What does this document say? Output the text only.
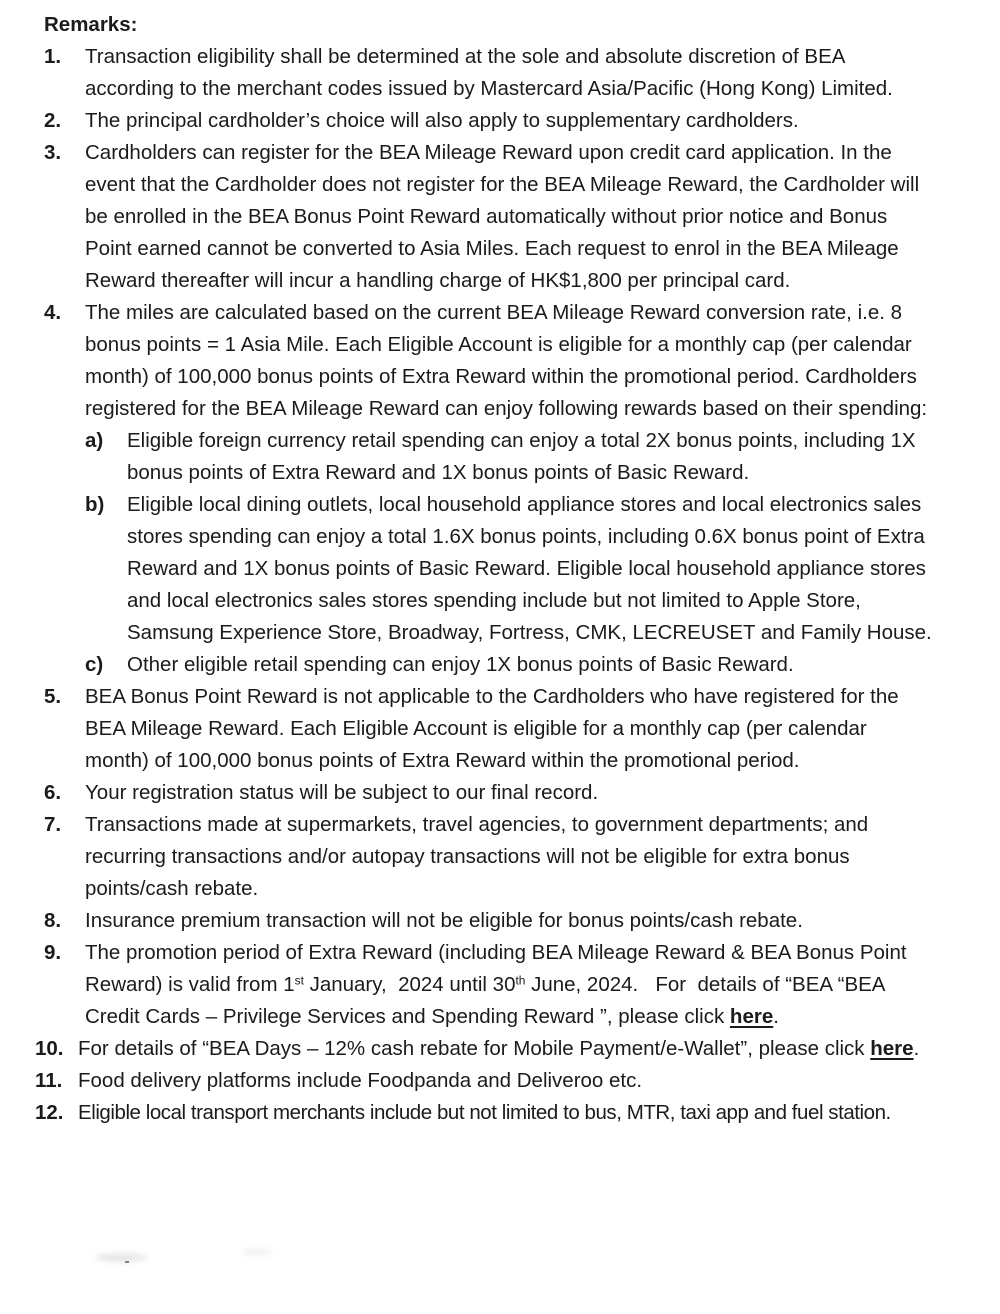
Remarks:
1.	Transaction eligibility shall be determined at the sole and absolute discretion of BEA according to the merchant codes issued by Mastercard Asia/Pacific (Hong Kong) Limited.
2.	The principal cardholder’s choice will also apply to supplementary cardholders.
3.	Cardholders can register for the BEA Mileage Reward upon credit card application. In the event that the Cardholder does not register for the BEA Mileage Reward, the Cardholder will be enrolled in the BEA Bonus Point Reward automatically without prior notice and Bonus Point earned cannot be converted to Asia Miles. Each request to enrol in the BEA Mileage Reward thereafter will incur a handling charge of HK$1,800 per principal card.
4.	The miles are calculated based on the current BEA Mileage Reward conversion rate, i.e. 8 bonus points = 1 Asia Mile. Each Eligible Account is eligible for a monthly cap (per calendar month) of 100,000 bonus points of Extra Reward within the promotional period. Cardholders registered for the BEA Mileage Reward can enjoy following rewards based on their spending:
a)	Eligible foreign currency retail spending can enjoy a total 2X bonus points, including 1X bonus points of Extra Reward and 1X bonus points of Basic Reward.
b)	Eligible local dining outlets, local household appliance stores and local electronics sales stores spending can enjoy a total 1.6X bonus points, including 0.6X bonus point of Extra Reward and 1X bonus points of Basic Reward. Eligible local household appliance stores and local electronics sales stores spending include but not limited to Apple Store, Samsung Experience Store, Broadway, Fortress, CMK, LECREUSET and Family House.
c)	Other eligible retail spending can enjoy 1X bonus points of Basic Reward.
5.	BEA Bonus Point Reward is not applicable to the Cardholders who have registered for the BEA Mileage Reward. Each Eligible Account is eligible for a monthly cap (per calendar month) of 100,000 bonus points of Extra Reward within the promotional period.
6.	Your registration status will be subject to our final record.
7.	Transactions made at supermarkets, travel agencies, to government departments; and recurring transactions and/or autopay transactions will not be eligible for extra bonus points/cash rebate.
8.	Insurance premium transaction will not be eligible for bonus points/cash rebate.
9.	The promotion period of Extra Reward (including BEA Mileage Reward & BEA Bonus Point Reward) is valid from 1st January,  2024 until 30th June, 2024.   For  details of “BEA “BEA  Credit Cards – Privilege Services and Spending Reward ”, please click here.
10. For details of “BEA Days – 12% cash rebate for Mobile Payment/e-Wallet”, please click here.
11. Food delivery platforms include Foodpanda and Deliveroo etc.
12. Eligible local transport merchants include but not limited to bus, MTR, taxi app and fuel station.
